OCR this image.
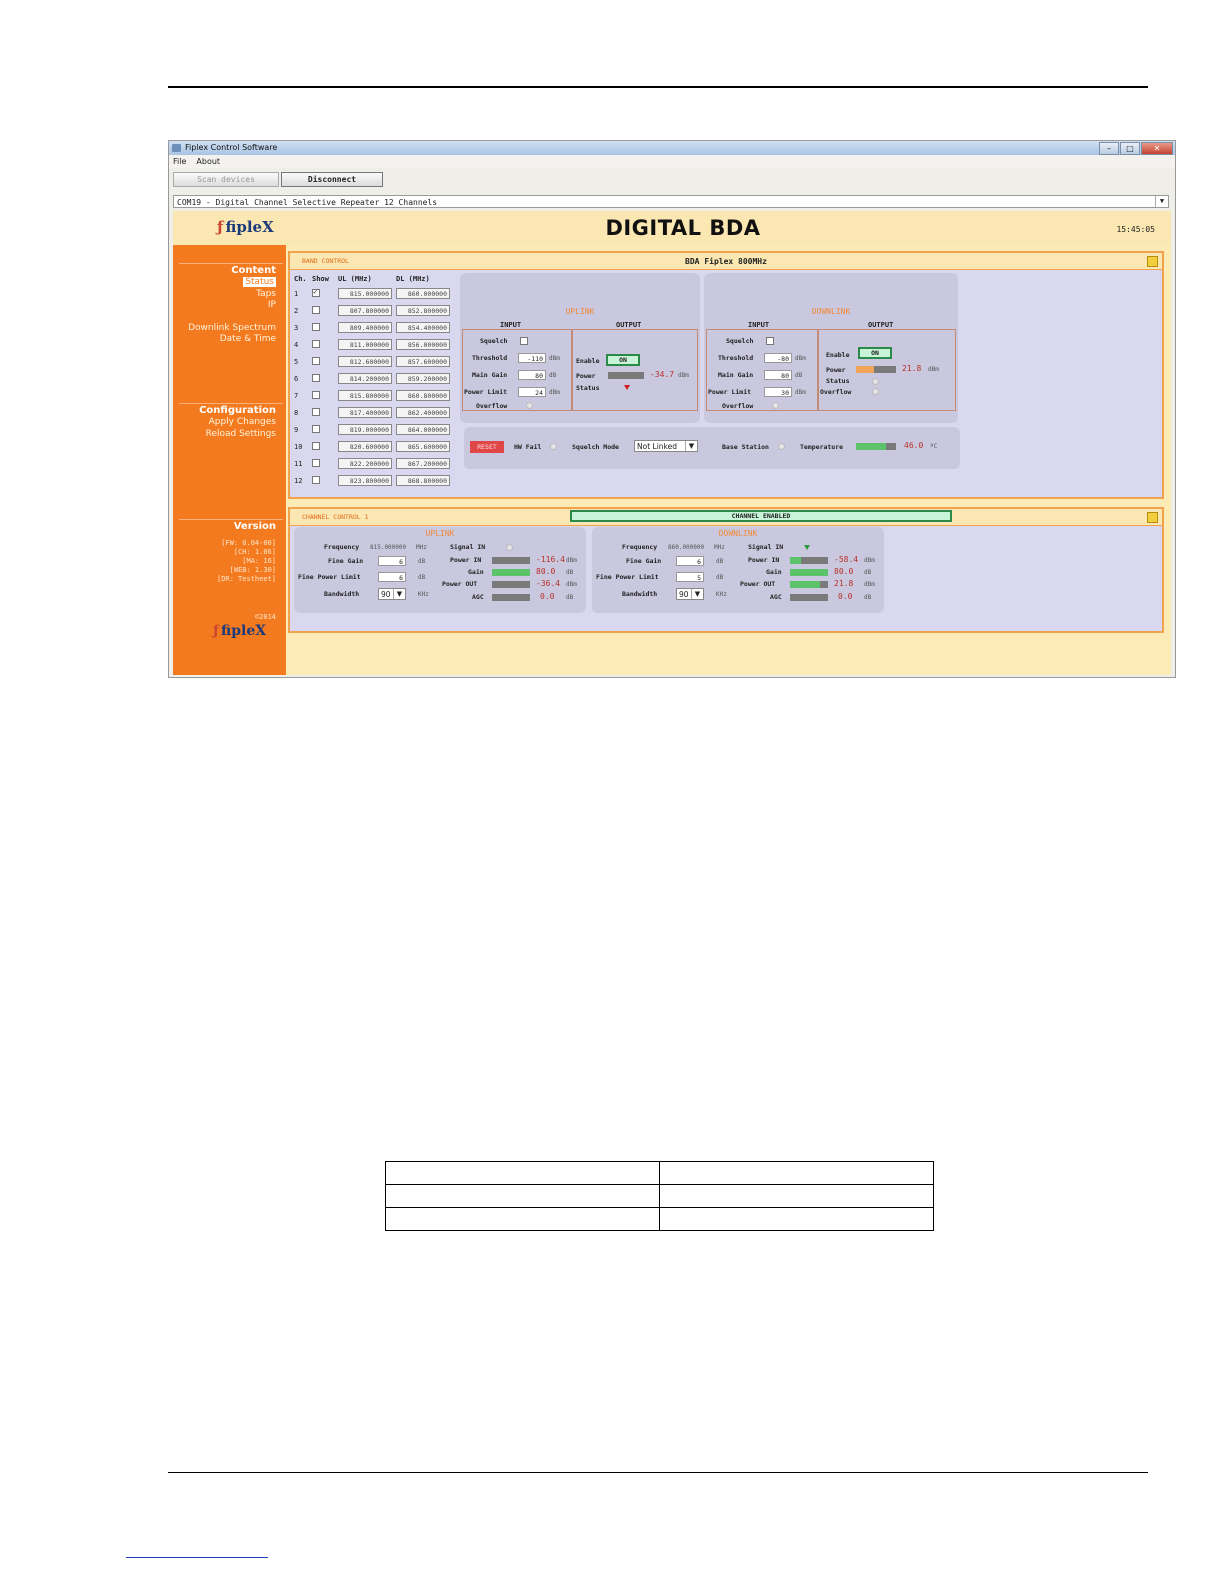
Fiplex Control Software	–	□	✕
File About
Scan devices	Disconnect
COM19 - Digital Channel Selective Repeater 12 Channels	▼
ƒ fipleX	DIGITAL BDA	15:45:05
Content
Status
Taps
IP
Downlink Spectrum
Date & Time
Configuration
Apply Changes
Reload Settings
Version
[FW: 0.04-00]
[CH: 1.06]
[MA: 16]
[WEB: 1.30]
[DR: Testheet]
©2014
ƒ fipleX
BAND CONTROL	BDA Fiplex 800MHz
Ch. Show	UL (MHz)	DL (MHz)
1
✓	815.000000	860.000000
2	807.800000	852.800000
3	809.400000	854.400000
4	811.000000	856.000000
5	812.600000	857.600000
6	814.200000	859.200000
7	815.800000	860.800000
8	817.400000	862.400000
9	819.000000	864.000000
10	820.600000	865.600000
11	822.200000	867.200000
12	823.800000	868.800000
UPLINK
INPUT	OUTPUT
Squelch
Threshold	-110	dBm
Main Gain	80	dB
Power Limit	24	dBm
Overflow
Enable	ON
Power	-34.7 dBm
Status
DOWNLINK
INPUT	OUTPUT
Squelch
Threshold	-80	dBm
Main Gain	80	dB
Power Limit	30	dBm
Overflow
Enable	ON
Power	21.8 dBm
Status
Overflow
RESET	HW Fail	Squelch Mode	Not Linked	▼	Base Station	Temperature	46.0 ºC
CHANNEL CONTROL 1	CHANNEL ENABLED
UPLINK
Frequency 815.000000 MHz
Fine Gain	6	dB
Fine Power Limit	6	dB
Bandwidth	90 ▼	KHz
Signal IN
Power IN	-116.4 dBm
Gain	80.0 dB
Power OUT	-36.4 dBm
AGC	0.0 dB
DOWNLINK
Frequency 860.000000 MHz
Fine Gain	6	dB
Fine Power Limit	5	dB
Bandwidth	90 ▼	KHz
Signal IN
Power IN	-58.4 dBm
Gain	80.0 dB
Power OUT	21.8 dBm
AGC	0.0 dB
